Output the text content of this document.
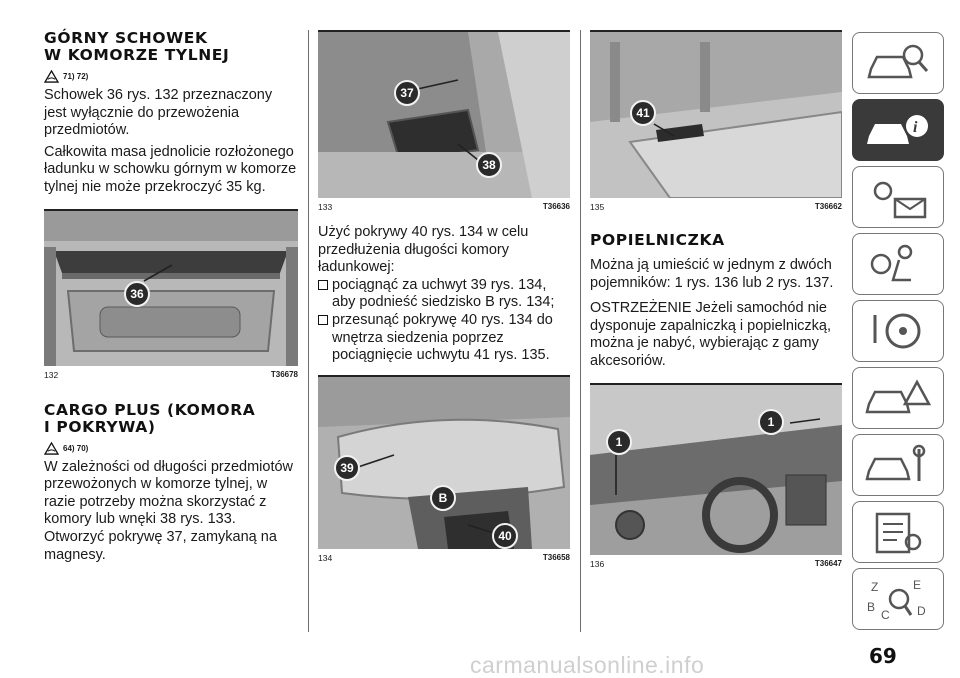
GÓRNY SCHOWEK
W KOMORZE TYLNEJ
71) 72)

Schowek 36 rys. 132 przeznaczony jest wyłącznie do przewożenia przedmiotów.

Całkowita masa jednolicie rozłożonego ładunku w schowku górnym w komorze tylnej nie może przekroczyć 35 kg.

36
132	T36678
CARGO PLUS (KOMORA
I POKRYWA)
64) 70)

W zależności od długości przedmiotów przewożonych w komorze tylnej, w razie potrzeby można skorzystać z komory lub wnęki 38 rys. 133. Otworzyć pokrywę 37, zamykaną na magnesy.

37
38
133	T36636

Użyć pokrywy 40 rys. 134 w celu przedłużenia długości komory ładunkowej:

pociągnąć za uchwyt 39 rys. 134, aby podnieść siedzisko B rys. 134;

przesunąć pokrywę 40 rys. 134 do wnętrza siedzenia poprzez pociągnięcie uchwytu 41 rys. 135.

39
B
40
134	T36658
41
135	T36662
POPIELNICZKA

Można ją umieścić w jednym z dwóch pojemników: 1 rys. 136 lub 2 rys. 137.

OSTRZEŻENIE Jeżeli samochód nie dysponuje zapalniczką i popielniczką, można je nabyć, wybierając z gamy akcesoriów.

1
1
136	T36647
i
Z	E
B
C D
69
carmanualsonline.info
